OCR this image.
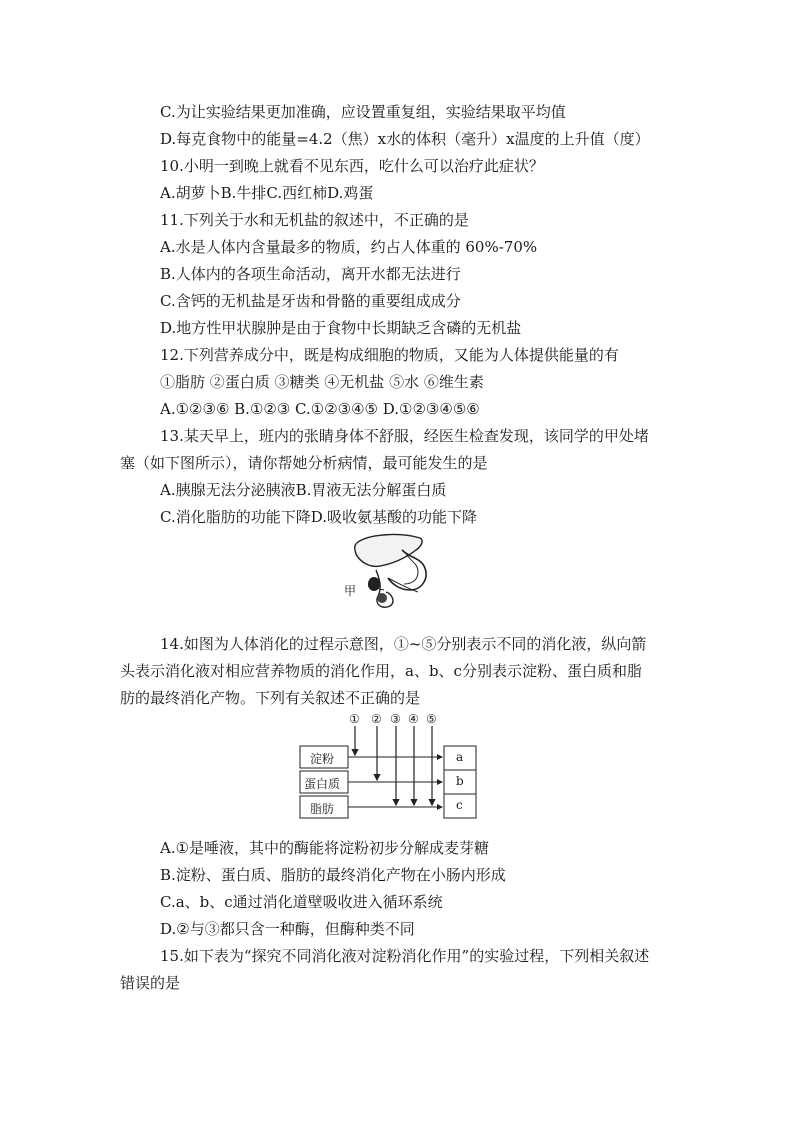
C.为让实验结果更加准确，应设置重复组，实验结果取平均值
D.每克食物中的能量=4.2（焦）x水的体积（毫升）x温度的上升值（度）
10.小明一到晚上就看不见东西，吃什么可以治疗此症状？
A.胡萝卜B.牛排C.西红柿D.鸡蛋
11.下列关于水和无机盐的叙述中，不正确的是
A.水是人体内含量最多的物质，约占人体重的 60%-70%
B.人体内的各项生命活动，离开水都无法进行
C.含钙的无机盐是牙齿和骨骼的重要组成成分
D.地方性甲状腺肿是由于食物中长期缺乏含磷的无机盐
12.下列营养成分中，既是构成细胞的物质，又能为人体提供能量的有
①脂肪 ②蛋白质 ③糖类 ④无机盐 ⑤水 ⑥维生素
A.①②③⑥ B.①②③ C.①②③④⑤ D.①②③④⑤⑥
13.某天早上，班内的张睛身体不舒服，经医生检查发现，该同学的甲处堵
塞（如下图所示），请你帮她分析病情，最可能发生的是
A.胰腺无法分泌胰液B.胃液无法分解蛋白质
C.消化脂肪的功能下降D.吸收氨基酸的功能下降
甲
14.如图为人体消化的过程示意图，①~⑤分别表示不同的消化液，纵向箭
头表示消化液对相应营养物质的消化作用，a、b、c分别表示淀粉、蛋白质和脂
肪的最终消化产物。下列有关叙述不正确的是
① ② ③ ④ ⑤
淀粉
蛋白质
脂肪
a
b
c
A.①是唾液，其中的酶能将淀粉初步分解成麦芽糖
B.淀粉、蛋白质、脂肪的最终消化产物在小肠内形成
C.a、b、c通过消化道壁吸收进入循环系统
D.②与③都只含一种酶，但酶种类不同
15.如下表为“探究不同消化液对淀粉消化作用”的实验过程，下列相关叙述
错误的是
